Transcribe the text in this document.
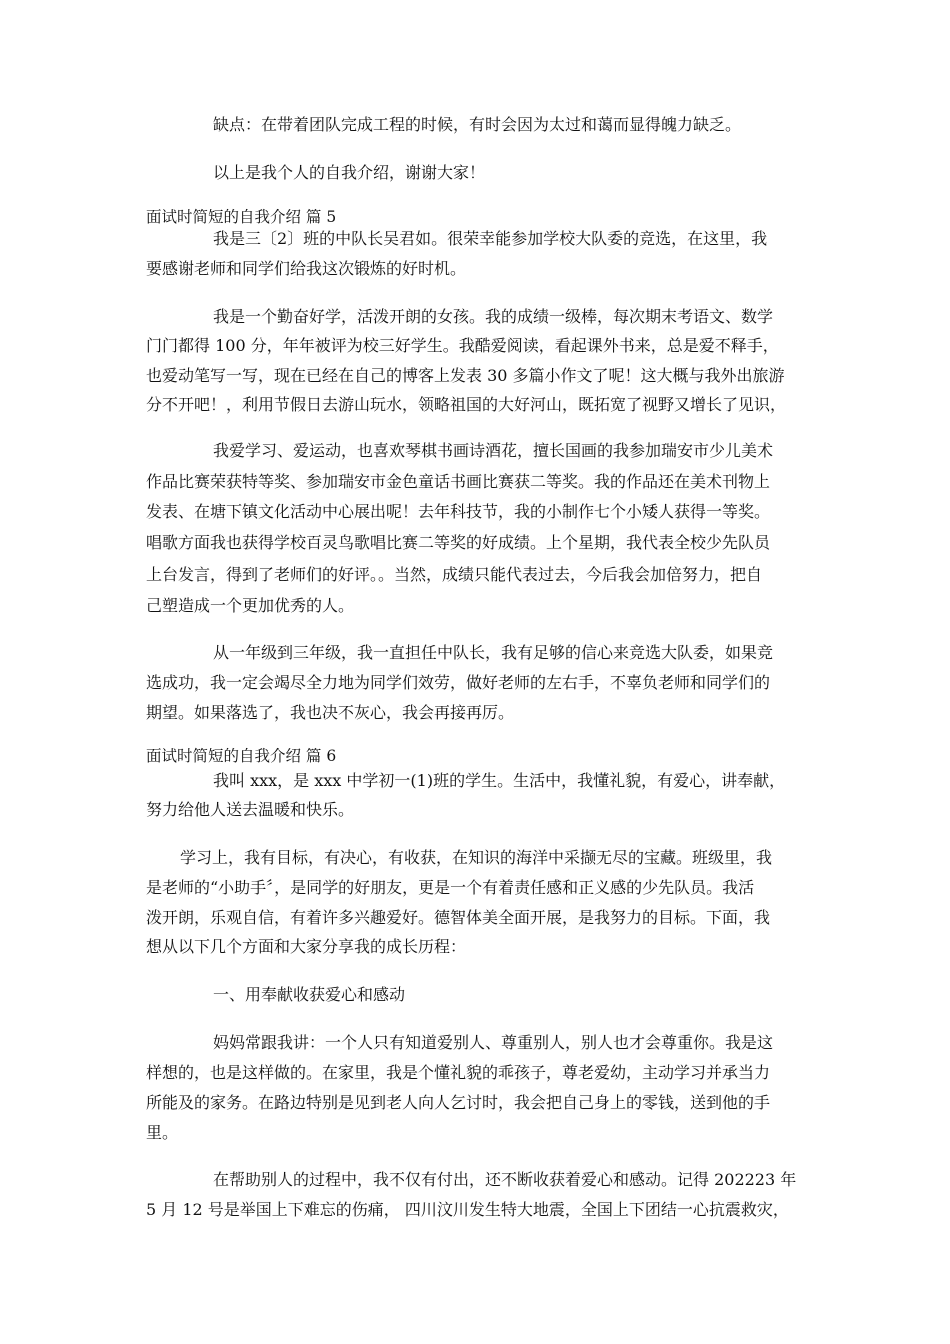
缺点：在带着团队完成工程的时候，有时会因为太过和蔼而显得魄力缺乏。
以上是我个人的自我介绍，谢谢大家！
面试时简短的自我介绍 篇 5
我是三〔2〕班的中队长吴君如。很荣幸能参加学校大队委的竞选，在这里，我
要感谢老师和同学们给我这次锻炼的好时机。
我是一个勤奋好学，活泼开朗的女孩。我的成绩一级棒，每次期末考语文、数学
门门都得 100 分，年年被评为校三好学生。我酷爱阅读，看起课外书来，总是爱不释手，
也爱动笔写一写，现在已经在自己的博客上发表 30 多篇小作文了呢！这大概与我外出旅游
分不开吧！，利用节假日去游山玩水，领略祖国的大好河山，既拓宽了视野又增长了见识，
我爱学习、爱运动，也喜欢琴棋书画诗酒花，擅长国画的我参加瑞安市少儿美术
作品比赛荣获特等奖、参加瑞安市金色童话书画比赛获二等奖。我的作品还在美术刊物上
发表、在塘下镇文化活动中心展出呢！去年科技节，我的小制作七个小矮人获得一等奖。
唱歌方面我也获得学校百灵鸟歌唱比赛二等奖的好成绩。上个星期，我代表全校少先队员
上台发言，得到了老师们的好评。。当然，成绩只能代表过去，今后我会加倍努力，把自
己塑造成一个更加优秀的人。
从一年级到三年级，我一直担任中队长，我有足够的信心来竞选大队委，如果竞
选成功，我一定会竭尽全力地为同学们效劳，做好老师的左右手，不辜负老师和同学们的
期望。如果落选了，我也决不灰心，我会再接再厉。
面试时简短的自我介绍 篇 6
我叫 xxx，是 xxx 中学初一(1)班的学生。生活中，我懂礼貌，有爱心，讲奉献，
努力给他人送去温暖和快乐。
学习上，我有目标，有决心，有收获，在知识的海洋中采撷无尽的宝藏。班级里，我
是老师的“小助手〞，是同学的好朋友，更是一个有着责任感和正义感的少先队员。我活
泼开朗，乐观自信，有着许多兴趣爱好。德智体美全面开展，是我努力的目标。下面，我
想从以下几个方面和大家分享我的成长历程：
一、用奉献收获爱心和感动
妈妈常跟我讲：一个人只有知道爱别人、尊重别人，别人也才会尊重你。我是这
样想的，也是这样做的。在家里，我是个懂礼貌的乖孩子，尊老爱幼，主动学习并承当力
所能及的家务。在路边特别是见到老人向人乞讨时，我会把自己身上的零钱，送到他的手
里。
在帮助别人的过程中，我不仅有付出，还不断收获着爱心和感动。记得 202223 年
5 月 12 号是举国上下难忘的伤痛， 四川汶川发生特大地震，全国上下团结一心抗震救灾，
